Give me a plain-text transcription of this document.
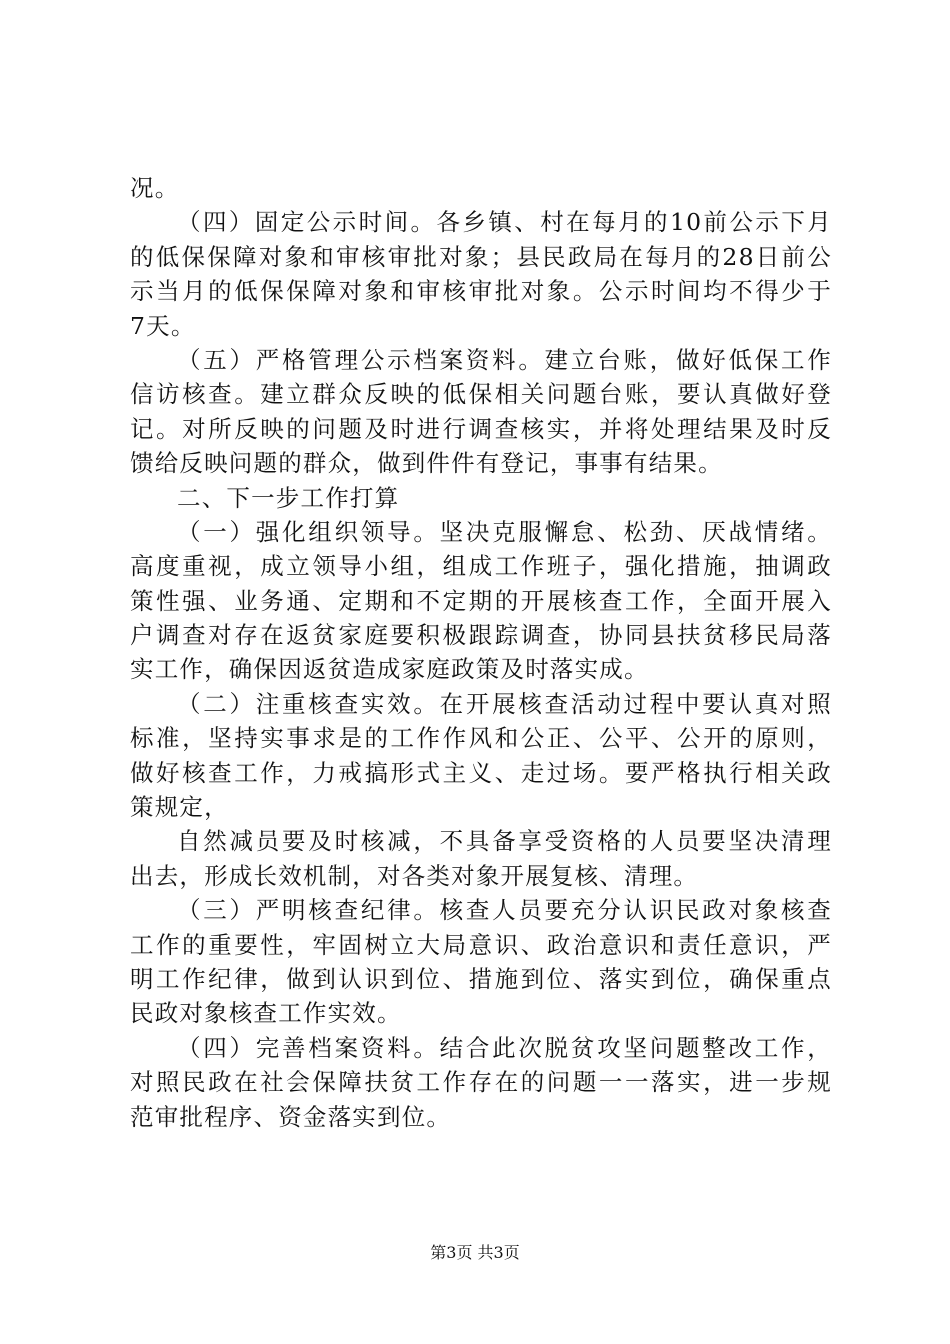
况。
（四）固定公示时间。各乡镇、村在每月的10前公示下月
的低保保障对象和审核审批对象；县民政局在每月的28日前公
示当月的低保保障对象和审核审批对象。公示时间均不得少于
7天。
（五）严格管理公示档案资料。建立台账，做好低保工作
信访核查。建立群众反映的低保相关问题台账，要认真做好登
记。对所反映的问题及时进行调查核实，并将处理结果及时反
馈给反映问题的群众，做到件件有登记，事事有结果。
二、下一步工作打算
（一）强化组织领导。坚决克服懈怠、松劲、厌战情绪。
高度重视，成立领导小组，组成工作班子，强化措施，抽调政
策性强、业务通、定期和不定期的开展核查工作，全面开展入
户调查对存在返贫家庭要积极跟踪调查，协同县扶贫移民局落
实工作，确保因返贫造成家庭政策及时落实成。
（二）注重核查实效。在开展核查活动过程中要认真对照
标准，坚持实事求是的工作作风和公正、公平、公开的原则，
做好核查工作，力戒搞形式主义、走过场。要严格执行相关政
策规定，
自然减员要及时核减，不具备享受资格的人员要坚决清理
出去，形成长效机制，对各类对象开展复核、清理。
（三）严明核查纪律。核查人员要充分认识民政对象核查
工作的重要性，牢固树立大局意识、政治意识和责任意识，严
明工作纪律，做到认识到位、措施到位、落实到位，确保重点
民政对象核查工作实效。
（四）完善档案资料。结合此次脱贫攻坚问题整改工作，
对照民政在社会保障扶贫工作存在的问题一一落实，进一步规
范审批程序、资金落实到位。
第3页 共3页
